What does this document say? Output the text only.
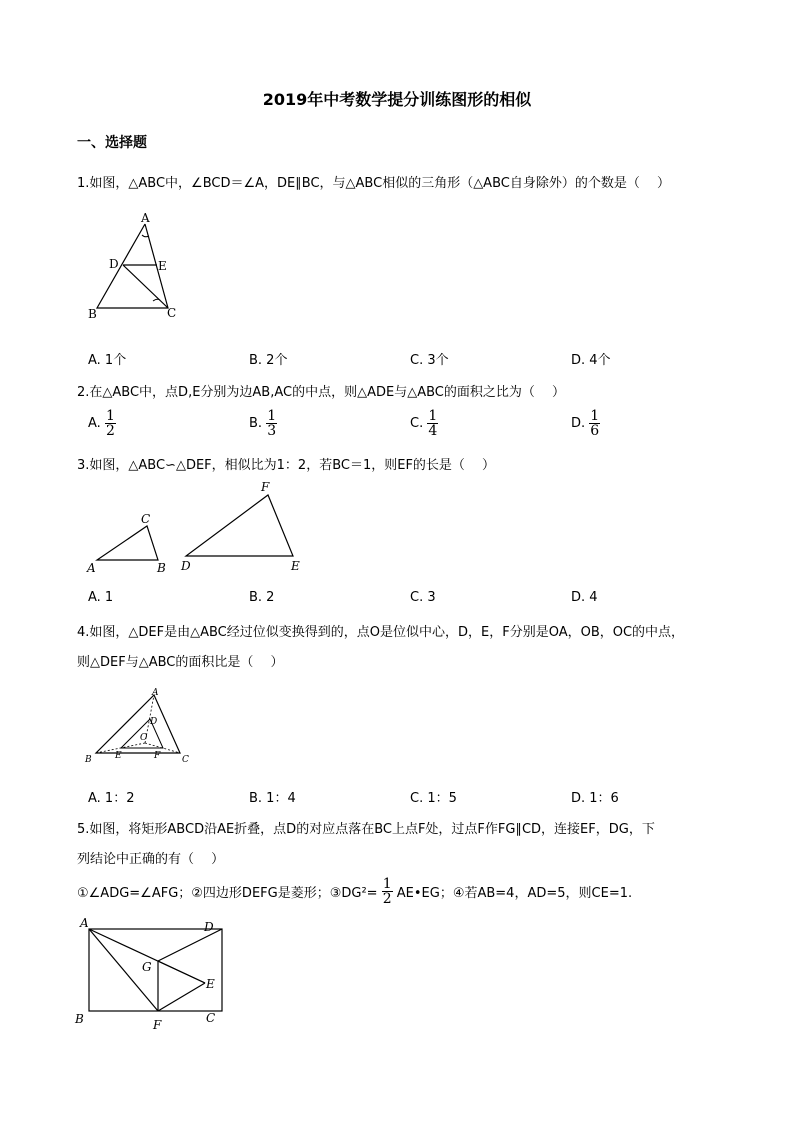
2019年中考数学提分训练图形的相似
一、选择题
1.如图，△ABC中，∠BCD＝∠A，DE∥BC，与△ABC相似的三角形（△ABC自身除外）的个数是（　 ）
A
D	E
B	C
A. 1个	B. 2个	C. 3个	D. 4个
2.在△ABC中，点D,E分别为边AB,AC的中点，则△ADE与△ABC的面积之比为（　 ）
A. $\frac{1}{2}$	B. $\frac{1}{3}$	C. $\frac{1}{4}$	D. $\frac{1}{6}$
3.如图，△ABC∽△DEF，相似比为1：2，若BC＝1，则EF的长是（　 ）
C
A	B
F
D	E
A. 1	B. 2	C. 3	D. 4
4.如图，△DEF是由△ABC经过位似变换得到的，点O是位似中心，D，E，F分别是OA，OB，OC的中点，
则△DEF与△ABC的面积比是（　 ）
A
D
O
B	E	F C
A. 1：2	B. 1：4	C. 1：5	D. 1：6
5.如图，将矩形ABCD沿AE折叠，点D的对应点落在BC上点F处，过点F作FG∥CD，连接EF，DG，下
列结论中正确的有（　 ）
①∠ADG=∠AFG；②四边形DEFG是菱形；③DG²= $\frac{1}{2}$ AE•EG；④若AB=4，AD=5，则CE=1.
A	D
G
E
B	F	C
